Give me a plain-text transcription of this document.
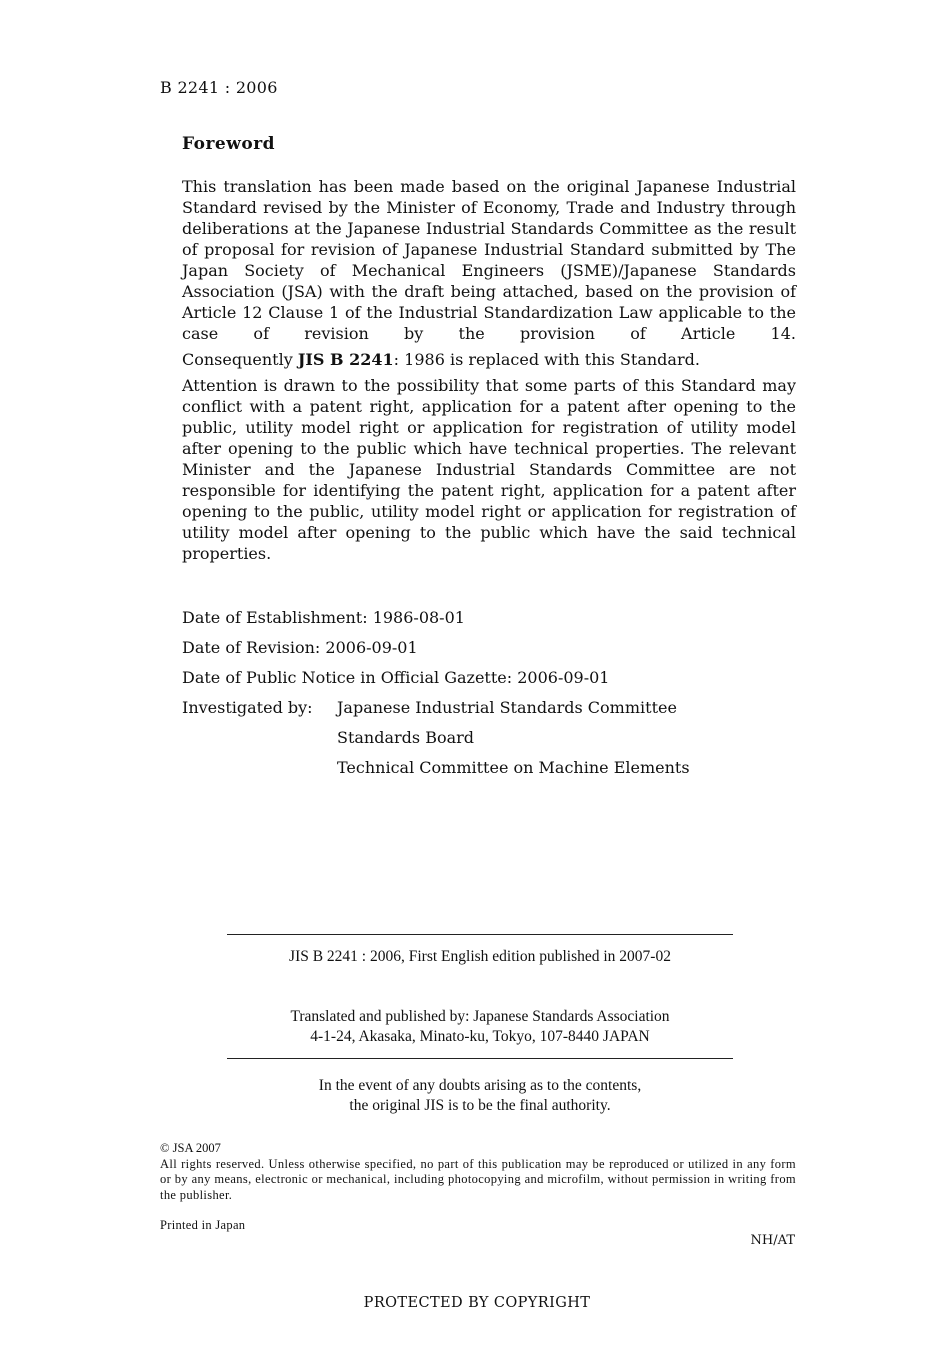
B 2241 : 2006
Foreword

This translation has been made based on the original Japanese Industrial Standard revised by the Minister of Economy, Trade and Industry through deliberations at the Japanese Industrial Standards Committee as the result of proposal for revision of Japanese Industrial Standard submitted by The Japan Society of Mechanical Engineers (JSME)/Japanese Standards Association (JSA) with the draft being attached, based on the provision of Article 12 Clause 1 of the Industrial Standardization Law applicable to the case of revision by the provision of Article 14.

Consequently JIS B 2241: 1986 is replaced with this Standard.

Attention is drawn to the possibility that some parts of this Standard may conflict with a patent right, application for a patent after opening to the public, utility model right or application for registration of utility model after opening to the public which have technical properties. The relevant Minister and the Japanese Industrial Standards Committee are not responsible for identifying the patent right, application for a patent after opening to the public, utility model right or application for registration of utility model after opening to the public which have the said technical properties.

Date of Establishment: 1986-08-01
Date of Revision: 2006-09-01
Date of Public Notice in Official Gazette: 2006-09-01
Investigated by:	Japanese Industrial Standards Committee
Standards Board
Technical Committee on Machine Elements
JIS B 2241 : 2006, First English edition published in 2007-02
Translated and published by: Japanese Standards Association
4-1-24, Akasaka, Minato-ku, Tokyo, 107-8440 JAPAN
In the event of any doubts arising as to the contents,
the original JIS is to be the final authority.
© JSA 2007
All rights reserved. Unless otherwise specified, no part of this publication may be reproduced or utilized in any form or by any means, electronic or mechanical, including photocopying and microfilm, without permission in writing from the publisher.
Printed in Japan
NH/AT
PROTECTED BY COPYRIGHT
